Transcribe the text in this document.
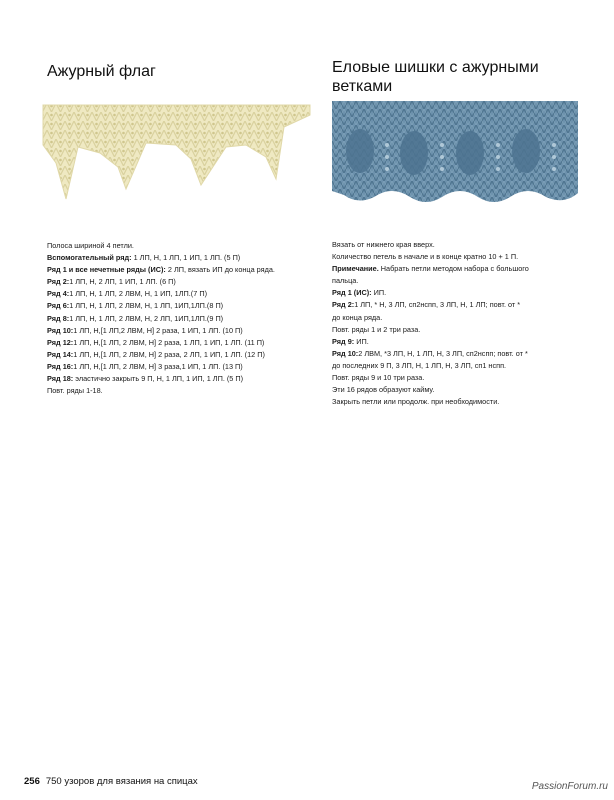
Ажурный флаг
Полоса шириной 4 петли.
Вспомогательный ряд: 1 ЛП, Н, 1 ЛП, 1 ИП, 1 ЛП. (5 П)
Ряд 1 и все нечетные ряды (ИС): 2 ЛП, вязать ИП до конца ряда.
Ряд 2:1 ЛП, Н, 2 ЛП, 1 ИП, 1 ЛП. (6 П)
Ряд 4:1 ЛП, Н, 1 ЛП, 2 ЛВМ, Н, 1 ИП, 1ЛП.(7 П)
Ряд 6:1 ЛП, Н, 1 ЛП, 2 ЛВМ, Н, 1 ЛП, 1ИП,1ЛП.(8 П)
Ряд 8:1 ЛП, Н, 1 ЛП, 2 ЛВМ, Н, 2 ЛП, 1ИП,1ЛП.(9 П)
Ряд 10:1 ЛП, Н,[1 ЛП,2 ЛВМ, Н] 2 раза, 1 ИП, 1 ЛП. (10 П)
Ряд 12:1 ЛП, Н,[1 ЛП, 2 ЛВМ, Н] 2 раза, 1 ЛП, 1 ИП, 1 ЛП. (11 П)
Ряд 14:1 ЛП, Н,[1 ЛП, 2 ЛВМ, Н] 2 раза, 2 ЛП, 1 ИП, 1 ЛП. (12 П)
Ряд 16:1 ЛП, Н,[1 ЛП, 2 ЛВМ, Н] 3 раза,1 ИП, 1 ЛП. (13 П)
Ряд 18: эластично закрыть 9 П, Н, 1 ЛП, 1 ИП, 1 ЛП. (5 П)
Повт. ряды 1-18.
Еловые шишки с ажурными
ветками
Вязать от нижнего края вверх.
Количество петель в начале и в конце кратно 10 + 1 П.
Примечание. Набрать петли методом набора с большого
пальца.
Ряд 1 (ИС): ИП.
Ряд 2:1 ЛП, * Н, 3 ЛП, сп2нспп, 3 ЛП, Н, 1 ЛП; повт. от *
до конца ряда.
Повт. ряды 1 и 2 три раза.
Ряд 9: ИП.
Ряд 10:2 ЛВМ, *3 ЛП, Н, 1 ЛП, Н, 3 ЛП, сп2нспп; повт. от *
до последних 9 П, 3 ЛП, Н, 1 ЛП, Н, 3 ЛП, сп1 нспп.
Повт. ряды 9 и 10 три раза.
Эти 16 рядов образуют кайму.
Закрыть петли или продолж. при необходимости.
256 750 узоров для вязания на спицах	PassionForum.ru
